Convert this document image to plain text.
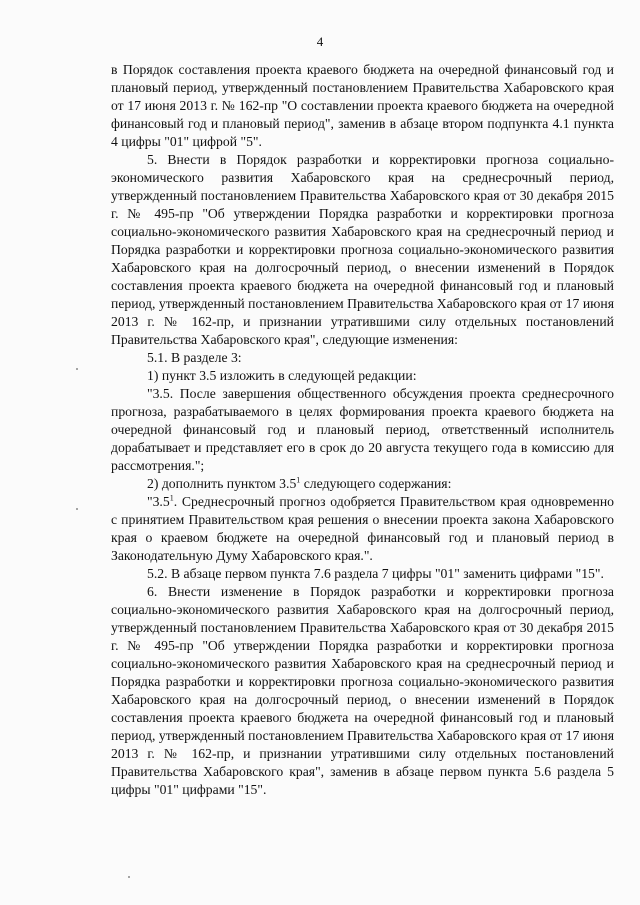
4

в Порядок составления проекта краевого бюджета на очередной финансовый год и плановый период, утвержденный постановлением Правительства Хабаровского края от 17 июня 2013 г. № 162-пр "О составлении проекта краевого бюджета на очередной финансовый год и плановый период", заменив в абзаце втором подпункта 4.1 пункта 4 цифры "01" цифрой "5".

5. Внести в Порядок разработки и корректировки прогноза социально-экономического развития Хабаровского края на среднесрочный период, утвержденный постановлением Правительства Хабаровского края от 30 декабря 2015 г. № 495-пр "Об утверждении Порядка разработки и корректировки прогноза социально-экономического развития Хабаровского края на среднесрочный период и Порядка разработки и корректировки прогноза социально-экономического развития Хабаровского края на долгосрочный период, о внесении изменений в Порядок составления проекта краевого бюджета на очередной финансовый год и плановый период, утвержденный постановлением Правительства Хабаровского края от 17 июня 2013 г. № 162-пр, и признании утратившими силу отдельных постановлений Правительства Хабаровского края", следующие изменения:

5.1. В разделе 3:

1) пункт 3.5 изложить в следующей редакции:

"3.5. После завершения общественного обсуждения проекта среднесрочного прогноза, разрабатываемого в целях формирования проекта краевого бюджета на очередной финансовый год и плановый период, ответственный исполнитель дорабатывает и представляет его в срок до 20 августа текущего года в комиссию для рассмотрения.";

2) дополнить пунктом $3.5^1$ следующего содержания:

"$3.5^1$. Среднесрочный прогноз одобряется Правительством края одновременно с принятием Правительством края решения о внесении проекта закона Хабаровского края о краевом бюджете на очередной финансовый год и плановый период в Законодательную Думу Хабаровского края.".

5.2. В абзаце первом пункта 7.6 раздела 7 цифры "01" заменить цифрами "15".

6. Внести изменение в Порядок разработки и корректировки прогноза социально-экономического развития Хабаровского края на долгосрочный период, утвержденный постановлением Правительства Хабаровского края от 30 декабря 2015 г. № 495-пр "Об утверждении Порядка разработки и корректировки прогноза социально-экономического развития Хабаровского края на среднесрочный период и Порядка разработки и корректировки прогноза социально-экономического развития Хабаровского края на долгосрочный период, о внесении изменений в Порядок составления проекта краевого бюджета на очередной финансовый год и плановый период, утвержденный постановлением Правительства Хабаровского края от 17 июня 2013 г. № 162-пр, и признании утратившими силу отдельных постановлений Правительства Хабаровского края", заменив в абзаце первом пункта 5.6 раздела 5 цифры "01" цифрами "15".
